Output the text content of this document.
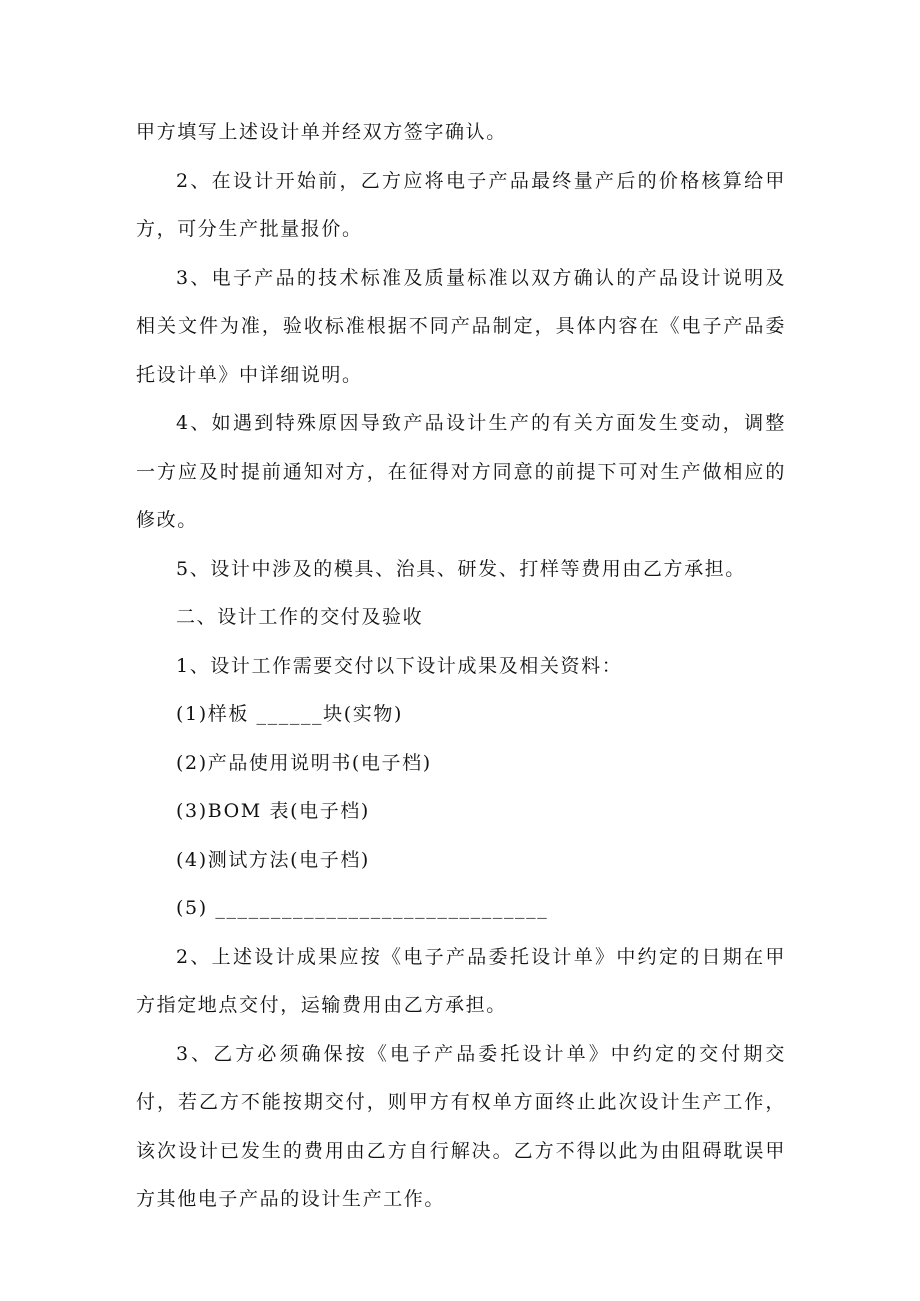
甲方填写上述设计单并经双方签字确认。

2、在设计开始前，乙方应将电子产品最终量产后的价格核算给甲方，可分生产批量报价。

3、电子产品的技术标准及质量标准以双方确认的产品设计说明及相关文件为准，验收标准根据不同产品制定，具体内容在《电子产品委托设计单》中详细说明。

4、如遇到特殊原因导致产品设计生产的有关方面发生变动，调整一方应及时提前通知对方，在征得对方同意的前提下可对生产做相应的修改。

5、设计中涉及的模具、治具、研发、打样等费用由乙方承担。

二、设计工作的交付及验收

1、设计工作需要交付以下设计成果及相关资料：

(1)样板 ______块(实物)

(2)产品使用说明书(电子档)

(3)BOM 表(电子档)

(4)测试方法(电子档)

(5) ______________________________

2、上述设计成果应按《电子产品委托设计单》中约定的日期在甲方指定地点交付，运输费用由乙方承担。

3、乙方必须确保按《电子产品委托设计单》中约定的交付期交付，若乙方不能按期交付，则甲方有权单方面终止此次设计生产工作，该次设计已发生的费用由乙方自行解决。乙方不得以此为由阻碍耽误甲方其他电子产品的设计生产工作。
